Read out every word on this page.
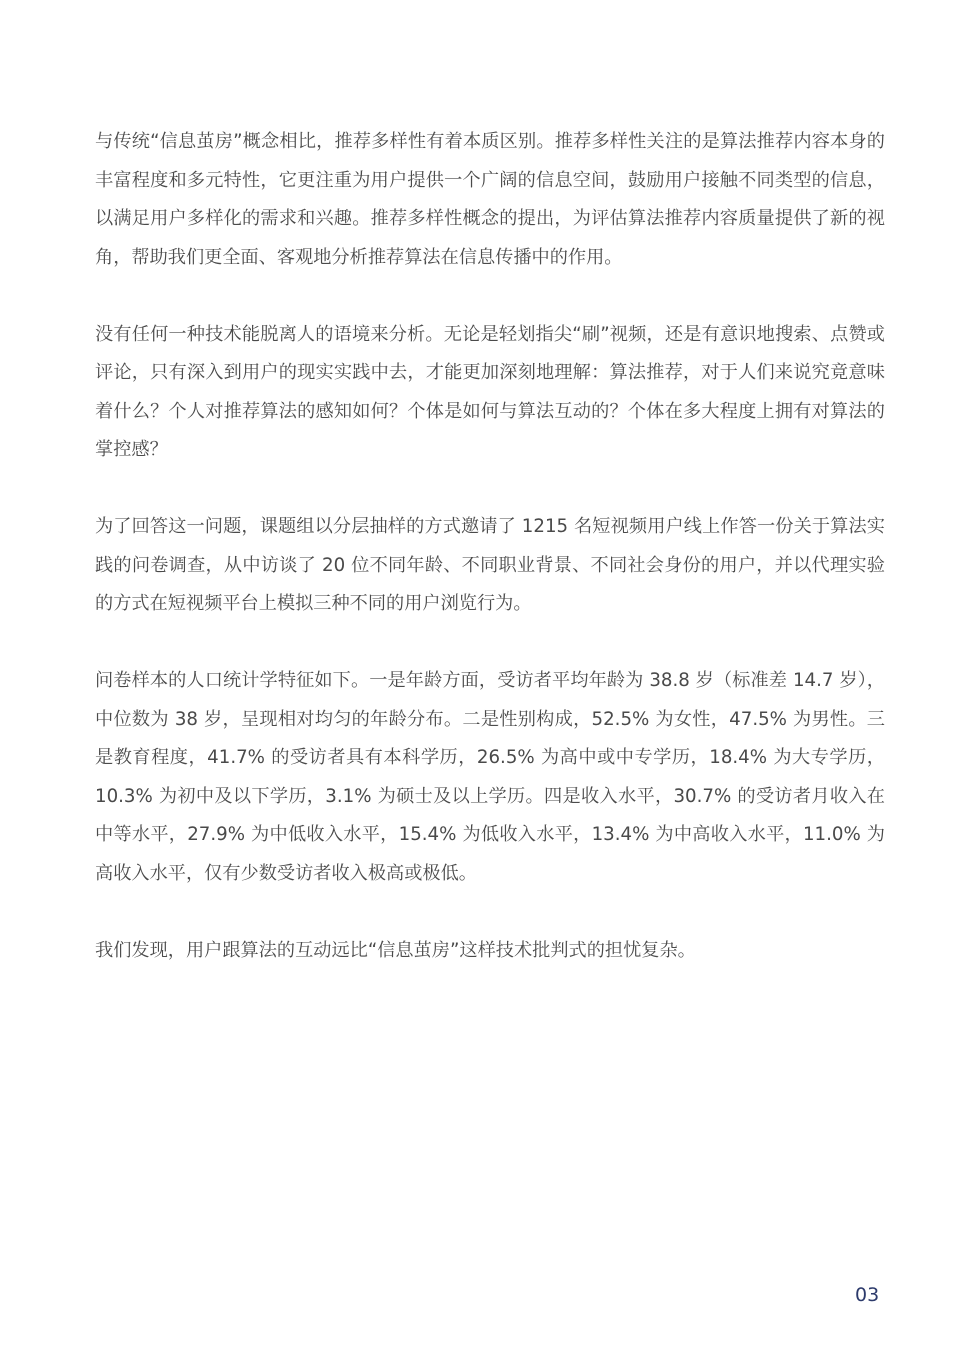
与传统“信息茧房”概念相比，推荐多样性有着本质区别。推荐多样性关注的是算法推荐内容本身的丰富程度和多元特性，它更注重为用户提供一个广阔的信息空间，鼓励用户接触不同类型的信息，以满足用户多样化的需求和兴趣。推荐多样性概念的提出，为评估算法推荐内容质量提供了新的视角，帮助我们更全面、客观地分析推荐算法在信息传播中的作用。

没有任何一种技术能脱离人的语境来分析。无论是轻划指尖“刷”视频，还是有意识地搜索、点赞或评论，只有深入到用户的现实实践中去，才能更加深刻地理解：算法推荐，对于人们来说究竟意味着什么？个人对推荐算法的感知如何？个体是如何与算法互动的？个体在多大程度上拥有对算法的掌控感？

为了回答这一问题，课题组以分层抽样的方式邀请了 1215 名短视频用户线上作答一份关于算法实践的问卷调查，从中访谈了 20 位不同年龄、不同职业背景、不同社会身份的用户，并以代理实验的方式在短视频平台上模拟三种不同的用户浏览行为。

问卷样本的人口统计学特征如下。一是年龄方面，受访者平均年龄为 38.8 岁（标准差 14.7 岁），中位数为 38 岁，呈现相对均匀的年龄分布。二是性别构成，52.5% 为女性，47.5% 为男性。三是教育程度，41.7% 的受访者具有本科学历，26.5% 为高中或中专学历，18.4% 为大专学历，10.3% 为初中及以下学历，3.1% 为硕士及以上学历。四是收入水平，30.7% 的受访者月收入在中等水平，27.9% 为中低收入水平，15.4% 为低收入水平，13.4% 为中高收入水平，11.0% 为高收入水平，仅有少数受访者收入极高或极低。

我们发现，用户跟算法的互动远比“信息茧房”这样技术批判式的担忧复杂。

03
